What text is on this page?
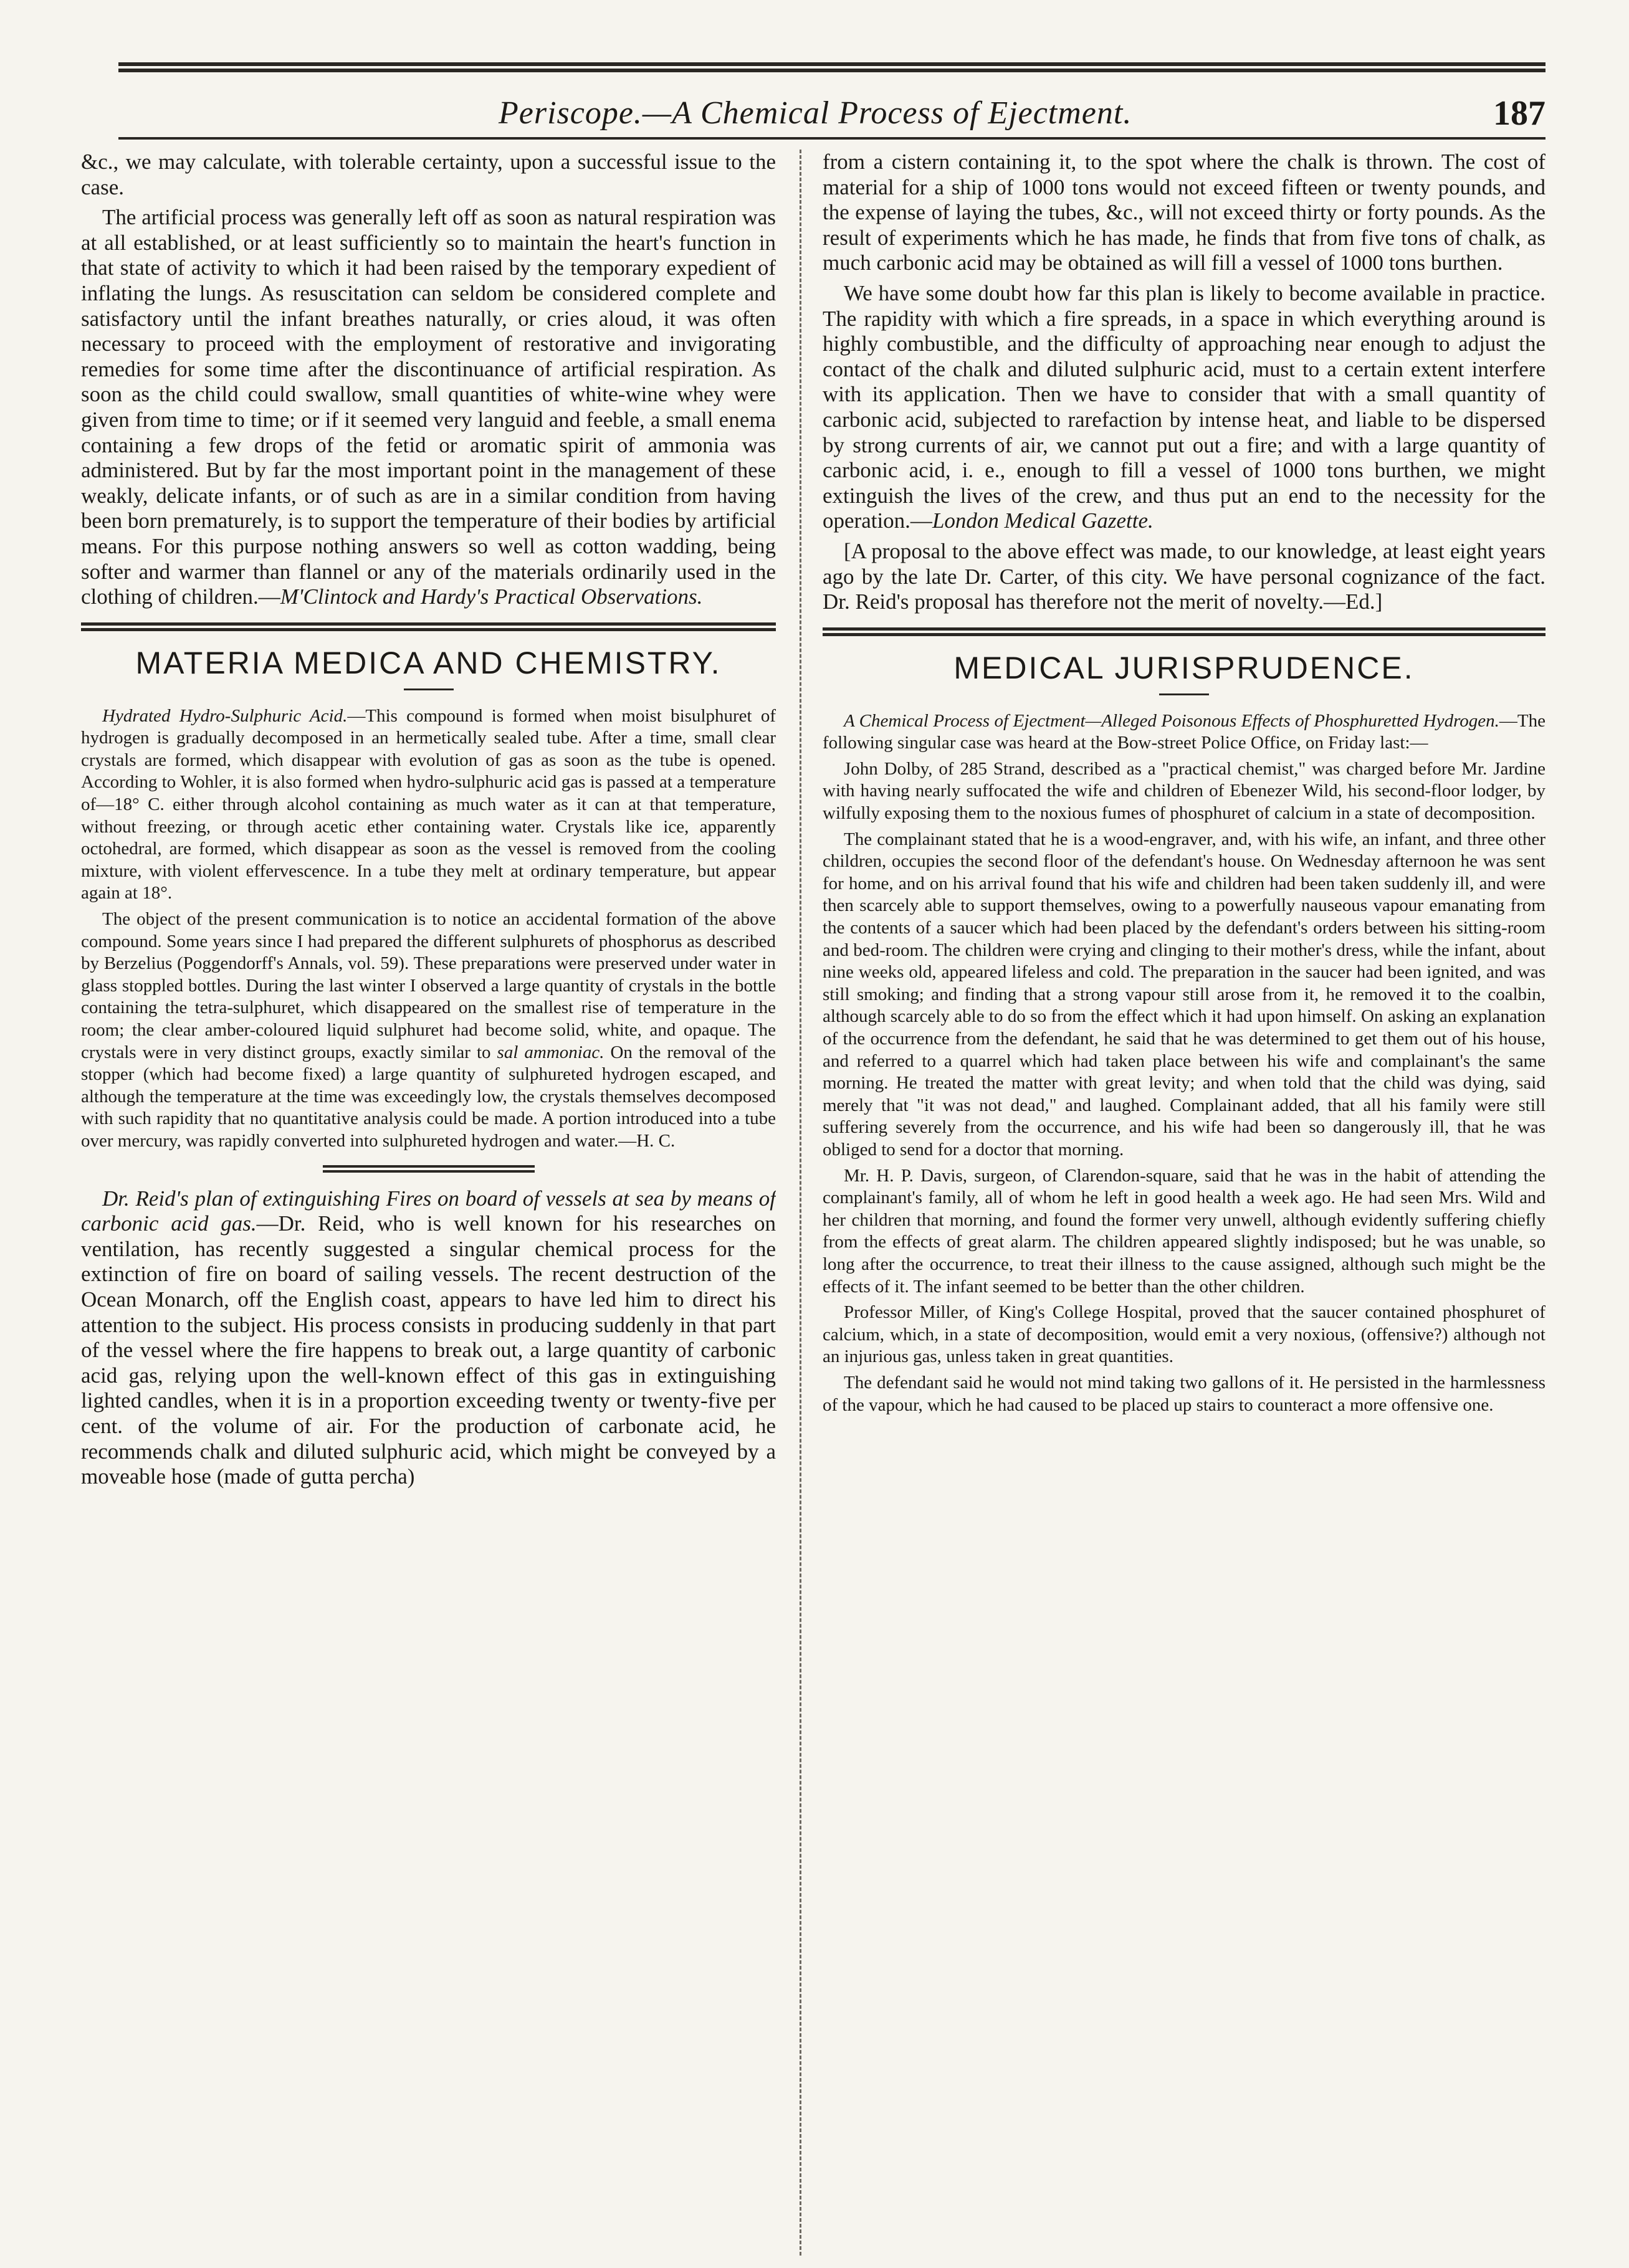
Periscope.—A Chemical Process of Ejectment.	187

&c., we may calculate, with tolerable certainty, upon a successful issue to the case.

The artificial process was generally left off as soon as natural respiration was at all established, or at least sufficiently so to maintain the heart's function in that state of activity to which it had been raised by the temporary expedient of inflating the lungs. As resuscitation can seldom be considered complete and satisfactory until the infant breathes naturally, or cries aloud, it was often necessary to proceed with the employment of restorative and invigorating remedies for some time after the discontinuance of artificial respiration. As soon as the child could swallow, small quantities of white-wine whey were given from time to time; or if it seemed very languid and feeble, a small enema containing a few drops of the fetid or aromatic spirit of ammonia was administered. But by far the most important point in the management of these weakly, delicate infants, or of such as are in a similar condition from having been born prematurely, is to support the temperature of their bodies by artificial means. For this purpose nothing answers so well as cotton wadding, being softer and warmer than flannel or any of the materials ordinarily used in the clothing of children.—M'Clintock and Hardy's Practical Observations.

MATERIA MEDICA AND CHEMISTRY.

Hydrated Hydro-Sulphuric Acid.—This compound is formed when moist bisulphuret of hydrogen is gradually decomposed in an hermetically sealed tube. After a time, small clear crystals are formed, which disappear with evolution of gas as soon as the tube is opened. According to Wohler, it is also formed when hydro-sulphuric acid gas is passed at a temperature of—18° C. either through alcohol containing as much water as it can at that temperature, without freezing, or through acetic ether containing water. Crystals like ice, apparently octohedral, are formed, which disappear as soon as the vessel is removed from the cooling mixture, with violent effervescence. In a tube they melt at ordinary temperature, but appear again at 18°.

The object of the present communication is to notice an accidental formation of the above compound. Some years since I had prepared the different sulphurets of phosphorus as described by Berzelius (Poggendorff's Annals, vol. 59). These preparations were preserved under water in glass stoppled bottles. During the last winter I observed a large quantity of crystals in the bottle containing the tetra-sulphuret, which disappeared on the smallest rise of temperature in the room; the clear amber-coloured liquid sulphuret had become solid, white, and opaque. The crystals were in very distinct groups, exactly similar to sal ammoniac. On the removal of the stopper (which had become fixed) a large quantity of sulphureted hydrogen escaped, and although the temperature at the time was exceedingly low, the crystals themselves decomposed with such rapidity that no quantitative analysis could be made. A portion introduced into a tube over mercury, was rapidly converted into sulphureted hydrogen and water.—H. C.

Dr. Reid's plan of extinguishing Fires on board of vessels at sea by means of carbonic acid gas.—Dr. Reid, who is well known for his researches on ventilation, has recently suggested a singular chemical process for the extinction of fire on board of sailing vessels. The recent destruction of the Ocean Monarch, off the English coast, appears to have led him to direct his attention to the subject. His process consists in producing suddenly in that part of the vessel where the fire happens to break out, a large quantity of carbonic acid gas, relying upon the well-known effect of this gas in extinguishing lighted candles, when it is in a proportion exceeding twenty or twenty-five per cent. of the volume of air. For the production of carbonate acid, he recommends chalk and diluted sulphuric acid, which might be conveyed by a moveable hose (made of gutta percha)

from a cistern containing it, to the spot where the chalk is thrown. The cost of material for a ship of 1000 tons would not exceed fifteen or twenty pounds, and the expense of laying the tubes, &c., will not exceed thirty or forty pounds. As the result of experiments which he has made, he finds that from five tons of chalk, as much carbonic acid may be obtained as will fill a vessel of 1000 tons burthen.

We have some doubt how far this plan is likely to become available in practice. The rapidity with which a fire spreads, in a space in which everything around is highly combustible, and the difficulty of approaching near enough to adjust the contact of the chalk and diluted sulphuric acid, must to a certain extent interfere with its application. Then we have to consider that with a small quantity of carbonic acid, subjected to rarefaction by intense heat, and liable to be dispersed by strong currents of air, we cannot put out a fire; and with a large quantity of carbonic acid, i. e., enough to fill a vessel of 1000 tons burthen, we might extinguish the lives of the crew, and thus put an end to the necessity for the operation.—London Medical Gazette.

[A proposal to the above effect was made, to our knowledge, at least eight years ago by the late Dr. Carter, of this city. We have personal cognizance of the fact. Dr. Reid's proposal has therefore not the merit of novelty.—Ed.]

MEDICAL JURISPRUDENCE.

A Chemical Process of Ejectment—Alleged Poisonous Effects of Phosphuretted Hydrogen.—The following singular case was heard at the Bow-street Police Office, on Friday last:—

John Dolby, of 285 Strand, described as a "practical chemist," was charged before Mr. Jardine with having nearly suffocated the wife and children of Ebenezer Wild, his second-floor lodger, by wilfully exposing them to the noxious fumes of phosphuret of calcium in a state of decomposition.

The complainant stated that he is a wood-engraver, and, with his wife, an infant, and three other children, occupies the second floor of the defendant's house. On Wednesday afternoon he was sent for home, and on his arrival found that his wife and children had been taken suddenly ill, and were then scarcely able to support themselves, owing to a powerfully nauseous vapour emanating from the contents of a saucer which had been placed by the defendant's orders between his sitting-room and bed-room. The children were crying and clinging to their mother's dress, while the infant, about nine weeks old, appeared lifeless and cold. The preparation in the saucer had been ignited, and was still smoking; and finding that a strong vapour still arose from it, he removed it to the coalbin, although scarcely able to do so from the effect which it had upon himself. On asking an explanation of the occurrence from the defendant, he said that he was determined to get them out of his house, and referred to a quarrel which had taken place between his wife and complainant's the same morning. He treated the matter with great levity; and when told that the child was dying, said merely that "it was not dead," and laughed. Complainant added, that all his family were still suffering severely from the occurrence, and his wife had been so dangerously ill, that he was obliged to send for a doctor that morning.

Mr. H. P. Davis, surgeon, of Clarendon-square, said that he was in the habit of attending the complainant's family, all of whom he left in good health a week ago. He had seen Mrs. Wild and her children that morning, and found the former very unwell, although evidently suffering chiefly from the effects of great alarm. The children appeared slightly indisposed; but he was unable, so long after the occurrence, to treat their illness to the cause assigned, although such might be the effects of it. The infant seemed to be better than the other children.

Professor Miller, of King's College Hospital, proved that the saucer contained phosphuret of calcium, which, in a state of decomposition, would emit a very noxious, (offensive?) although not an injurious gas, unless taken in great quantities.

The defendant said he would not mind taking two gallons of it. He persisted in the harmlessness of the vapour, which he had caused to be placed up stairs to counteract a more offensive one.
